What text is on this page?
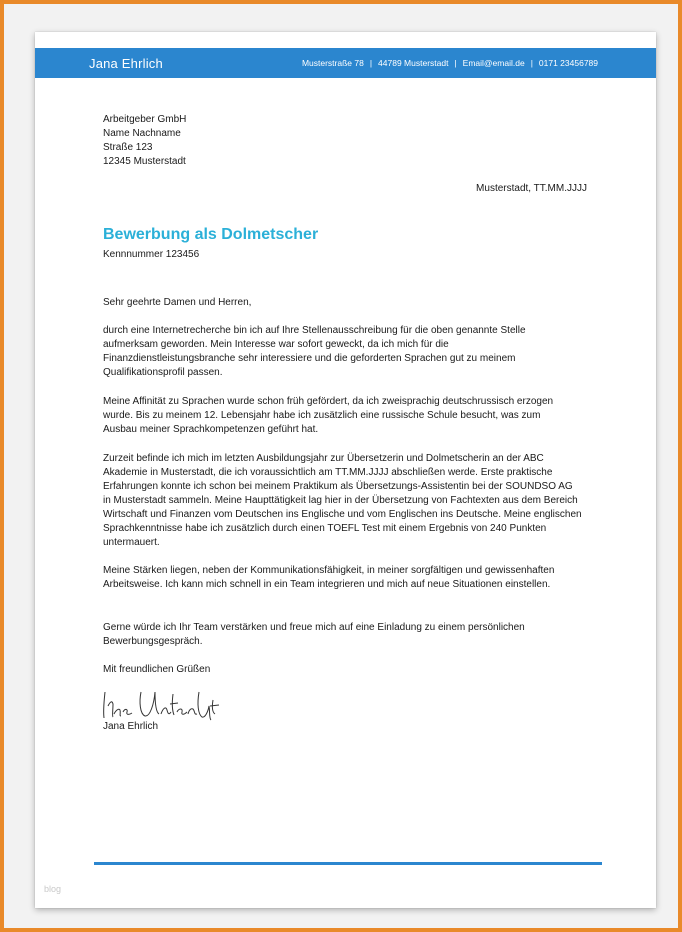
Jana Ehrlich	Musterstraße 78 | 44789 Musterstadt | Email@email.de | 0171 23456789
Arbeitgeber GmbH
Name Nachname
Straße 123
12345 Musterstadt
Musterstadt, TT.MM.JJJJ
Bewerbung als Dolmetscher
Kennnummer 123456
Sehr geehrte Damen und Herren,
durch eine Internetrecherche bin ich auf Ihre Stellenausschreibung für die oben genannte Stelle aufmerksam geworden. Mein Interesse war sofort geweckt, da ich mich für die Finanzdienstleistungsbranche sehr interessiere und die geforderten Sprachen gut zu meinem Qualifikationsprofil passen.
Meine Affinität zu Sprachen wurde schon früh gefördert, da ich zweisprachig deutschrussisch erzogen wurde. Bis zu meinem 12. Lebensjahr habe ich zusätzlich eine russische Schule besucht, was zum Ausbau meiner Sprachkompetenzen geführt hat.
Zurzeit befinde ich mich im letzten Ausbildungsjahr zur Übersetzerin und Dolmetscherin an der ABC Akademie in Musterstadt, die ich voraussichtlich am TT.MM.JJJJ abschließen werde. Erste praktische Erfahrungen konnte ich schon bei meinem Praktikum als Übersetzungs-Assistentin bei der SOUNDSO AG in Musterstadt sammeln. Meine Haupttätigkeit lag hier in der Übersetzung von Fachtexten aus dem Bereich Wirtschaft und Finanzen vom Deutschen ins Englische und vom Englischen ins Deutsche. Meine englischen Sprachkenntnisse habe ich zusätzlich durch einen TOEFL Test mit einem Ergebnis von 240 Punkten untermauert.
Meine Stärken liegen, neben der Kommunikationsfähigkeit, in meiner sorgfältigen und gewissenhaften Arbeitsweise. Ich kann mich schnell in ein Team integrieren und mich auf neue Situationen einstellen.
Gerne würde ich Ihr Team verstärken und freue mich auf eine Einladung zu einem persönlichen Bewerbungsgespräch.
Mit freundlichen Grüßen
Jana Ehrlich
blog
